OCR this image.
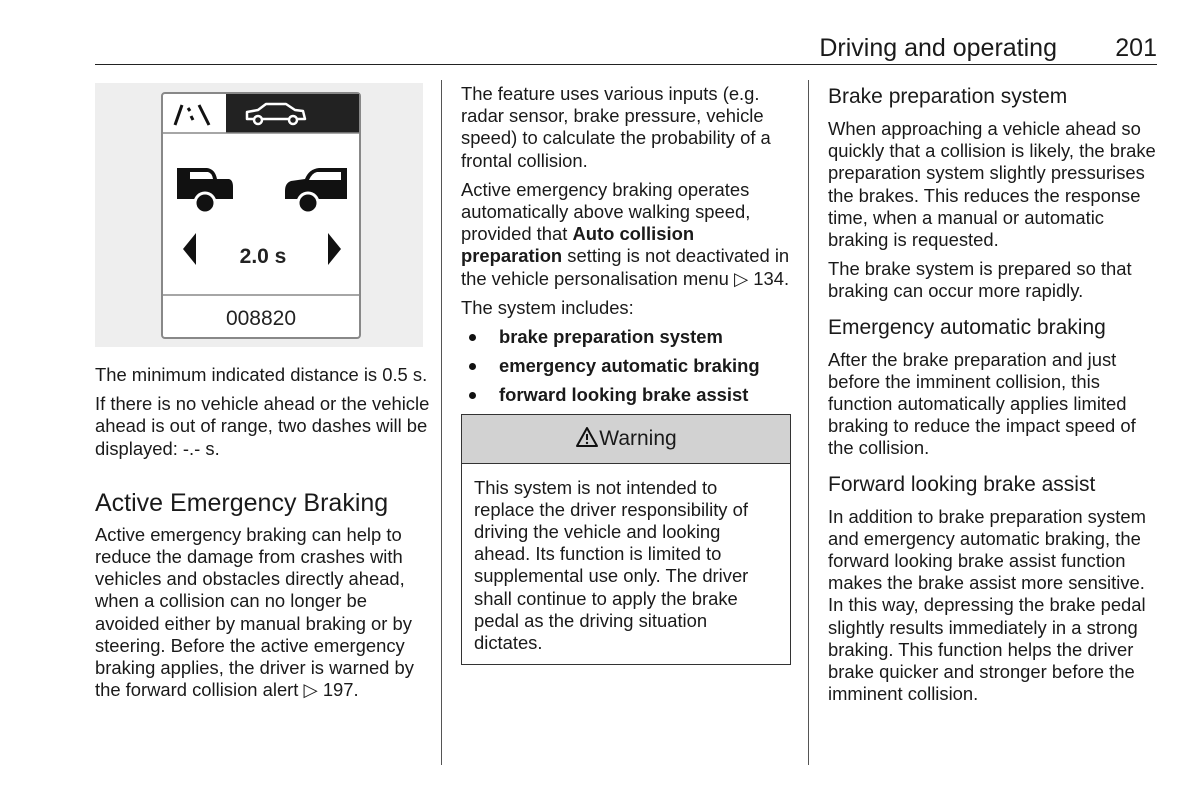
Driving and operating 201
2.0 s
008820

The minimum indicated distance is 0.5 s.

If there is no vehicle ahead or the vehicle ahead is out of range, two dashes will be displayed: -.- s.

Active Emergency Braking

Active emergency braking can help to reduce the damage from crashes with vehicles and obstacles directly ahead, when a collision can no longer be avoided either by manual braking or by steering. Before the active emergency braking applies, the driver is warned by the forward collision alert ▷ 197.

The feature uses various inputs (e.g. radar sensor, brake pressure, vehicle speed) to calculate the probability of a frontal collision.

Active emergency braking operates automatically above walking speed, provided that Auto collision preparation setting is not deactivated in the vehicle personalisation menu ▷ 134.

The system includes:

brake preparation system
emergency automatic braking
forward looking brake assist
Warning
This system is not intended to replace the driver responsibility of driving the vehicle and looking ahead. Its function is limited to supplemental use only. The driver shall continue to apply the brake pedal as the driving situation dictates.
Brake preparation system

When approaching a vehicle ahead so quickly that a collision is likely, the brake preparation system slightly pressurises the brakes. This reduces the response time, when a manual or automatic braking is requested.

The brake system is prepared so that braking can occur more rapidly.

Emergency automatic braking

After the brake preparation and just before the imminent collision, this function automatically applies limited braking to reduce the impact speed of the collision.

Forward looking brake assist

In addition to brake preparation system and emergency automatic braking, the forward looking brake assist function makes the brake assist more sensitive. In this way, depressing the brake pedal slightly results immediately in a strong braking. This function helps the driver brake quicker and stronger before the imminent collision.
